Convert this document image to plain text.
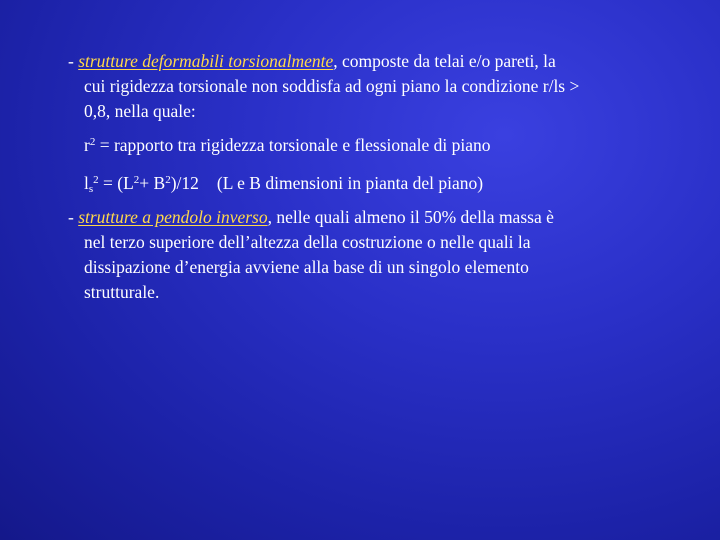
- strutture deformabili torsionalmente, composte da telai e/o pareti, la
cui rigidezza torsionale non soddisfa ad ogni piano la condizione r/ls >
0,8, nella quale:
$r^2$ = rapporto tra rigidezza torsionale e flessionale di piano
$l_s^2 = (L^2+ B^2)/12$ (L e B dimensioni in pianta del piano)
- strutture a pendolo inverso, nelle quali almeno il 50% della massa è
nel terzo superiore dell’altezza della costruzione o nelle quali la
dissipazione d’energia avviene alla base di un singolo elemento
strutturale.
